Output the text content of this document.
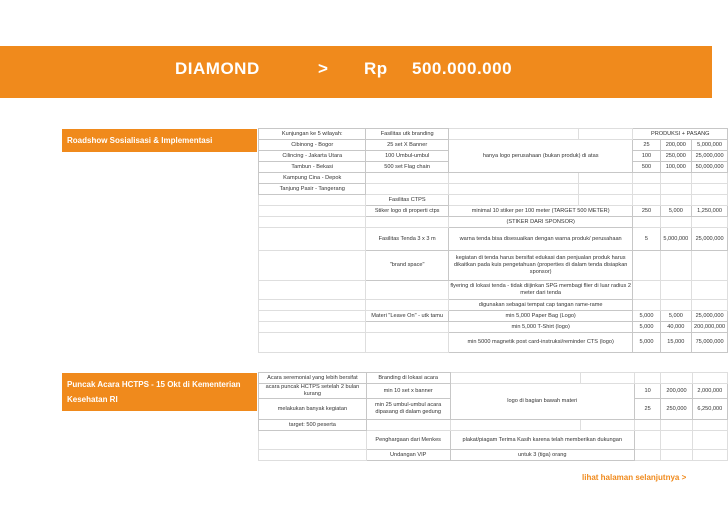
DIAMOND	> Rp 500.000.000
Roadshow Sosialisasi & Implementasi
Puncak Acara HCTPS - 15 Okt di Kementerian Kesehatan RI
Kunjungan ke 5 wilayah:	Fasilitas utk branding			PRODUKSI + PASANG		
Cibinong - Bogor	25 set X Banner	hanya logo perusahaan (bukan produk) di atas		25	200,000	5,000,000
Cilincing - Jakarta Utara	100 Umbul-umbul			100	250,000	25,000,000
Tambun - Bekasi	500 set Flag chain			500	100,000	50,000,000
Kampung Cina - Depok						
Tanjung Pasir - Tangerang						
	Fasilitas CTPS					
	Stiker logo di properti ctps	minimal 10 stiker per 100 meter (TARGET 500 METER)		250	5,000	1,250,000
		(STIKER DARI SPONSOR)				
	Fasilitas Tenda 3 x 3 m	warna tenda bisa disesuaikan dengan warna produk/ perusahaan		5	5,000,000	25,000,000
	"brand space"	kegiatan di tenda harus bersifat edukasi dan penjualan produk harus dikaitkan pada kuis pengetahuan (properties di dalam tenda disiapkan sponsor)				
		flyering di lokasi tenda - tidak diijinkan SPG membagi flier di luar radius 2 meter dari tenda				
		digunakan sebagai tempat cap tangan rame-rame				
	Materi "Leave On" - utk tamu	min 5,000 Paper Bag (Logo)		5,000	5,000	25,000,000
		min 5,000 T-Shirt (logo)		5,000	40,000	200,000,000
		min 5000 magnetik post card-instruksi/reminder CTS (logo)		5,000	15,000	75,000,000
Acara seremonial yang lebih bersifat	Branding di lokasi acara					
acara puncak HCTPS setelah 2 bulan kurang	min 10 set x banner	logo di bagian bawah materi		10	200,000	2,000,000
melakukan banyak kegiatan	min 25 umbul-umbul acara dipasang di dalam gedung			25	250,000	6,250,000
target: 500 peserta						
	Penghargaan dari Menkes	plakat/piagam Terima Kasih karena telah memberikan dukungan				
	Undangan VIP	untuk 3 (tiga) orang				
lihat halaman selanjutnya >
